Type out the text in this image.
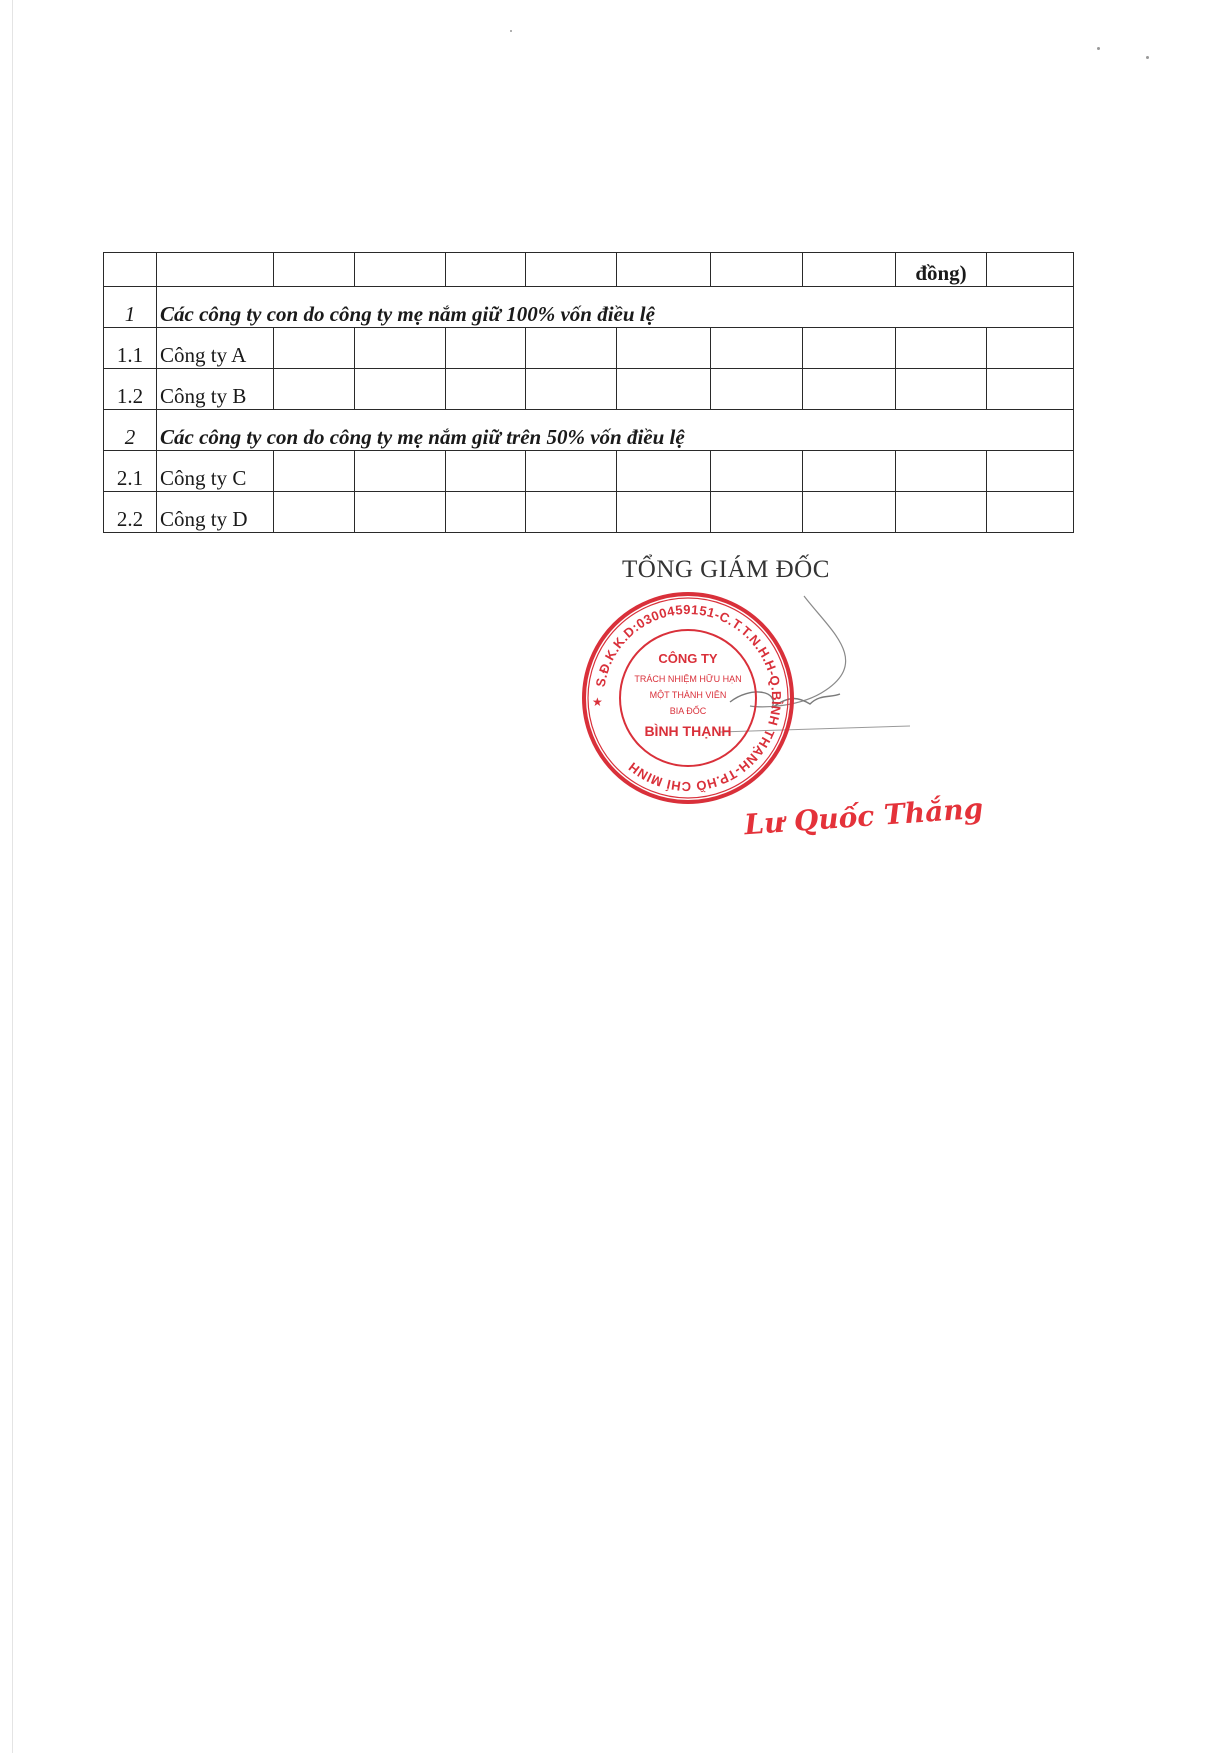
									đồng)	
1	Các công ty con do công ty mẹ nắm giữ 100% vốn điều lệ									
1.1	Công ty A									
1.2	Công ty B									
2	Các công ty con do công ty mẹ nắm giữ trên 50% vốn điều lệ									
2.1	Công ty C									
2.2	Công ty D									
TỔNG GIÁM ĐỐC
S.Đ.K.K.D:0300459151-C.T.T.N.H.H-Q.BÌNH THẠNH-TP.HỒ CHÍ MINH
CÔNG TY
TRÁCH NHIỆM HỮU HẠN
MỘT THÀNH VIÊN
BIA ĐỐC
BÌNH THẠNH
★
Lư Quốc Thắng
